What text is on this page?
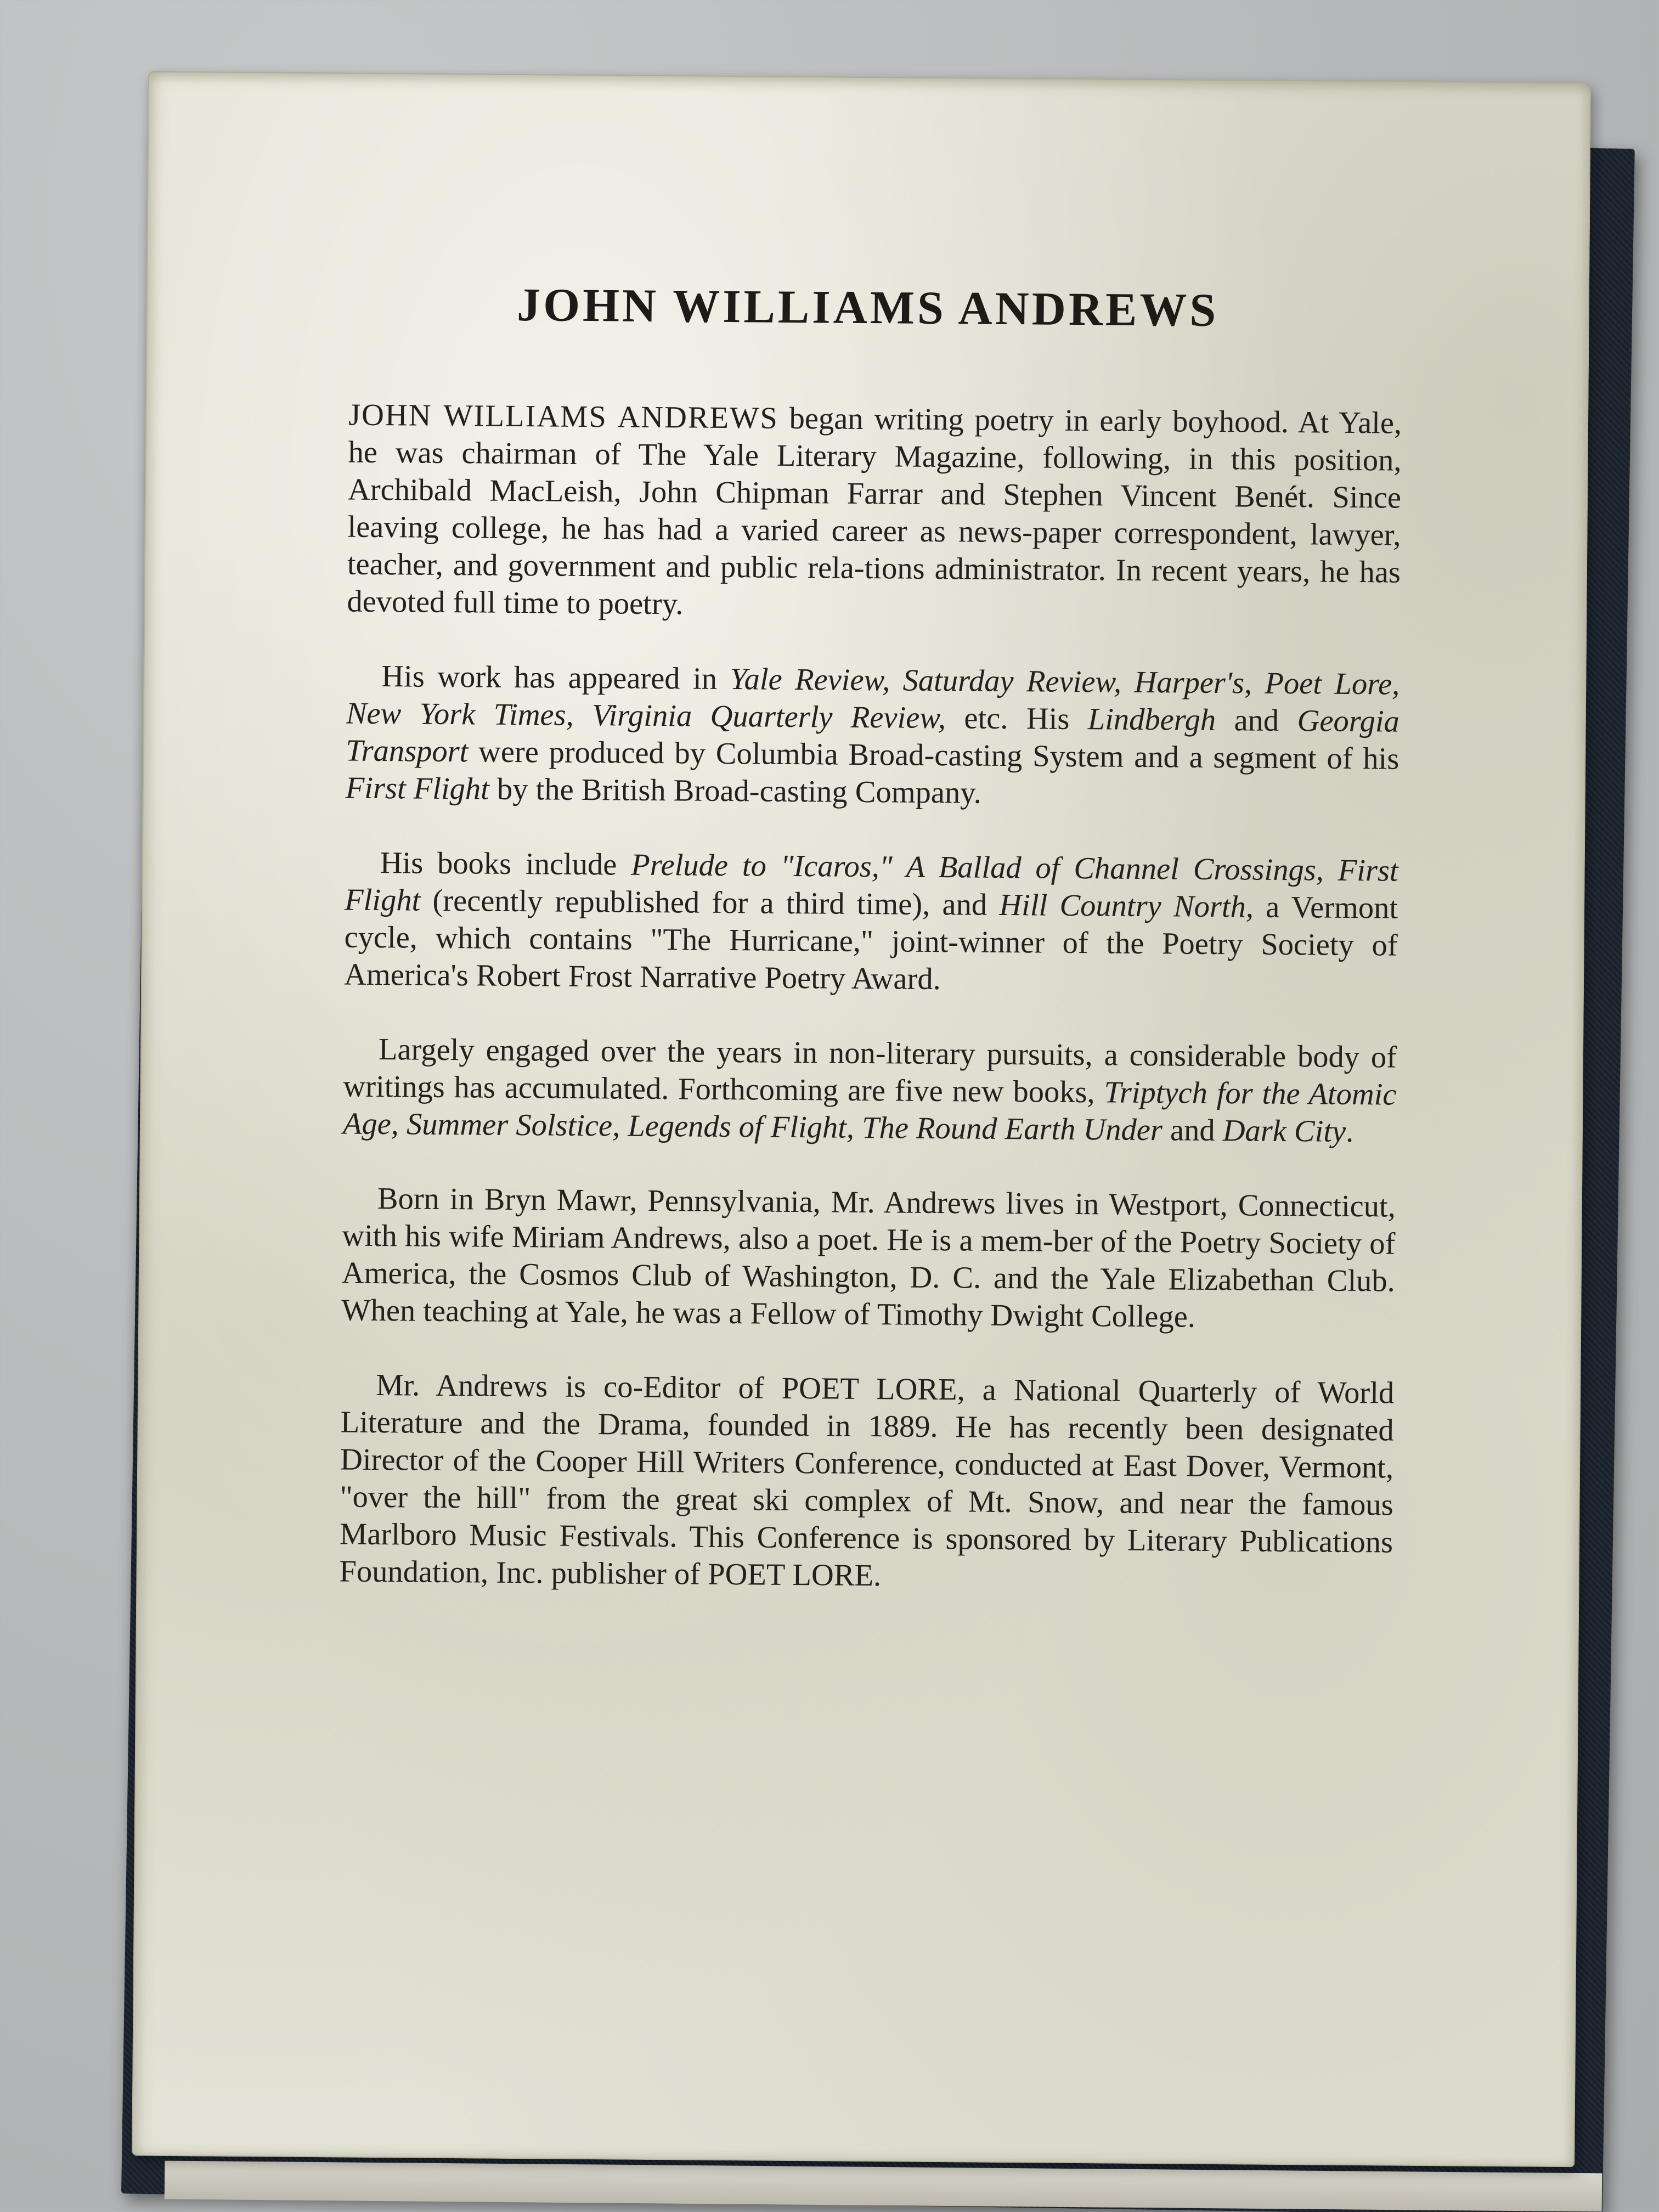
JOHN WILLIAMS ANDREWS

JOHN WILLIAMS ANDREWS began writing poetry in early boyhood. At Yale, he was chairman of The Yale Literary Magazine, following, in this position, Archibald MacLeish, John Chipman Farrar and Stephen Vincent Benét. Since leaving college, he has had a varied career as news-paper correspondent, lawyer, teacher, and government and public rela-tions administrator. In recent years, he has devoted full time to poetry.

His work has appeared in Yale Review, Saturday Review, Harper's, Poet Lore, New York Times, Virginia Quarterly Review, etc. His Lindbergh and Georgia Transport were produced by Columbia Broad-casting System and a segment of his First Flight by the British Broad-casting Company.

His books include Prelude to "Icaros," A Ballad of Channel Crossings, First Flight (recently republished for a third time), and Hill Country North, a Vermont cycle, which contains "The Hurricane," joint-winner of the Poetry Society of America's Robert Frost Narrative Poetry Award.

Largely engaged over the years in non-literary pursuits, a considerable body of writings has accumulated. Forthcoming are five new books, Triptych for the Atomic Age, Summer Solstice, Legends of Flight, The Round Earth Under and Dark City.

Born in Bryn Mawr, Pennsylvania, Mr. Andrews lives in Westport, Connecticut, with his wife Miriam Andrews, also a poet. He is a mem-ber of the Poetry Society of America, the Cosmos Club of Washington, D. C. and the Yale Elizabethan Club. When teaching at Yale, he was a Fellow of Timothy Dwight College.

Mr. Andrews is co-Editor of POET LORE, a National Quarterly of World Literature and the Drama, founded in 1889. He has recently been designated Director of the Cooper Hill Writers Conference, conducted at East Dover, Vermont, "over the hill" from the great ski complex of Mt. Snow, and near the famous Marlboro Music Festivals. This Conference is sponsored by Literary Publications Foundation, Inc. publisher of POET LORE.
